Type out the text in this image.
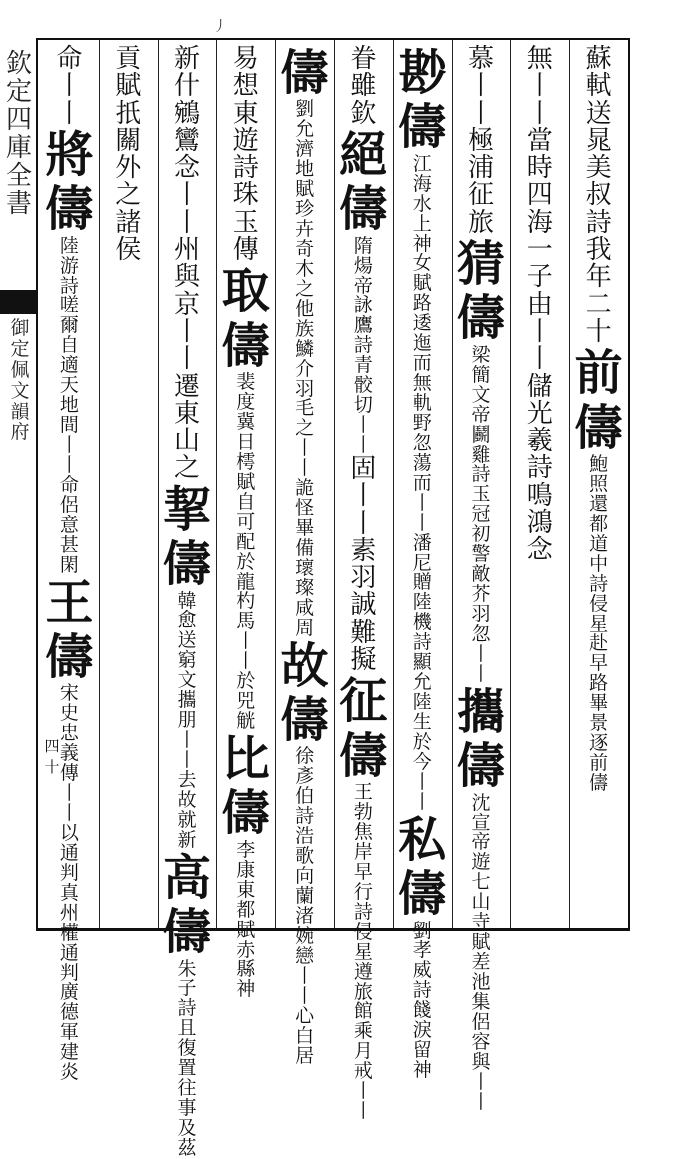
丿
欽
定
四
庫
全
書
御
定
佩
文
韻
府
四
十
蘇
軾
送
晁
美
叔
詩
我
年
二
十
前
儔
鮑
照
還
都
道
中
詩
侵
星
赴
早
路
畢
景
逐
前
儔
無
丨
丨
當
時
四
海
一
子
由
丨
丨
儲
光
羲
詩
鳴
鴻
念
慕
丨
丨
極
浦
征
旅
猜
儔
梁
簡
文
帝
鬬
雞
詩
玉
冠
初
警
敵
芥
羽
忽
丨
丨
攜
儔
沈
宣
帝
遊
七
山
寺
賦
差
池
集
侶
容
與
丨
丨
尠
儔
江
海
水
上
神
女
賦
路
逶
迤
而
無
軌
野
忽
蕩
而
丨
丨
潘
尼
贈
陸
機
詩
顯
允
陸
生
於
今
丨
丨
私
儔
劉
孝
威
詩
餞
淚
留
神
眷
雖
欽
絕
儔
隋
煬
帝
詠
鷹
詩
青
骹
切
丨
丨
固
丨
丨
素
羽
誠
難
擬
征
儔
王
勃
焦
岸
早
行
詩
侵
星
遵
旅
館
乘
月
戒
丨
丨
儔
劉
允
濟
地
賦
珍
卉
奇
木
之
他
族
鱗
介
羽
毛
之
丨
丨
詭
怪
畢
備
瓌
璨
咸
周
故
儔
徐
彥
伯
詩
浩
歌
向
蘭
渚
婉
戀
丨
丨
心
白
居
易
想
東
遊
詩
珠
玉
傳
取
儔
裴
度
冀
日
樗
賦
自
可
配
於
龍
杓
馬
丨
丨
於
兕
觥
比
儔
李
康
東
都
賦
赤
縣
神
新
什
鵷
鸞
念
丨
丨
州
與
京
丨
丨
遷
東
山
之
挈
儔
韓
愈
送
窮
文
攜
朋
丨
丨
去
故
就
新
高
儔
朱
子
詩
且
復
置
往
事
及
茲
貢
賦
扺
關
外
之
諸
侯
命
丨
丨
將
儔
陸
游
詩
嗟
爾
自
適
天
地
間
丨
丨
命
侶
意
甚
閑
王
儔
宋
史
忠
義
傳
丨
丨
以
通
判
真
州
權
通
判
廣
德
軍
建
炎
